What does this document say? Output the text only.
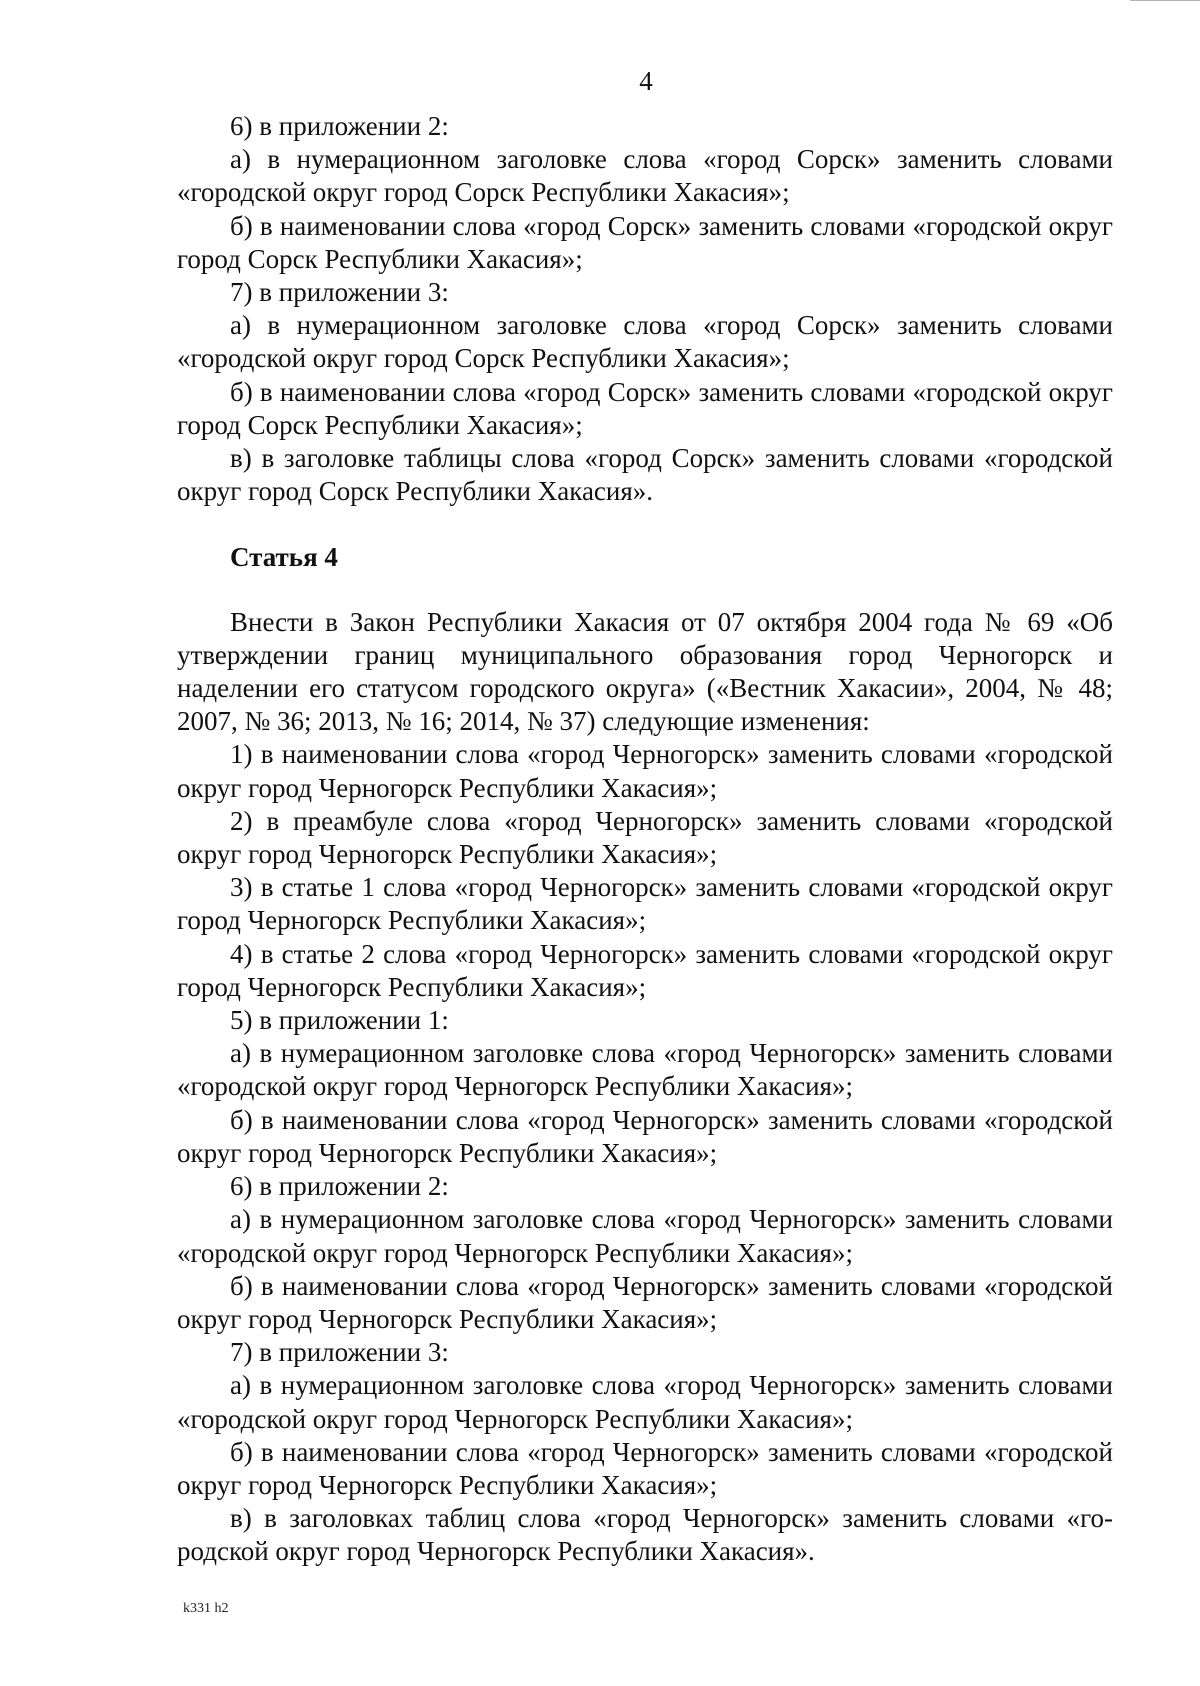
4

6) в приложении 2:

а) в нумерационном заголовке слова «город Сорск» заменить словами «городской округ город Сорск Республики Хакасия»;

б) в наименовании слова «город Сорск» заменить словами «городской округ город Сорск Республики Хакасия»;

7) в приложении 3:

а) в нумерационном заголовке слова «город Сорск» заменить словами «городской округ город Сорск Республики Хакасия»;

б) в наименовании слова «город Сорск» заменить словами «городской округ город Сорск Республики Хакасия»;

в) в заголовке таблицы слова «город Сорск» заменить словами «городской округ город Сорск Республики Хакасия».

Статья 4

Внести в Закон Республики Хакасия от 07 октября 2004 года № 69 «Об утверждении границ муниципального образования город Черногорск и наделении его статусом городского округа» («Вестник Хакасии», 2004, № 48; 2007, № 36; 2013, № 16; 2014, № 37) следующие изменения:

1) в наименовании слова «город Черногорск» заменить словами «городской округ город Черногорск Республики Хакасия»;

2) в преамбуле слова «город Черногорск» заменить словами «городской округ город Черногорск Республики Хакасия»;

3) в статье 1 слова «город Черногорск» заменить словами «городской округ город Черногорск Республики Хакасия»;

4) в статье 2 слова «город Черногорск» заменить словами «городской округ город Черногорск Республики Хакасия»;

5) в приложении 1:

а) в нумерационном заголовке слова «город Черногорск» заменить словами «городской округ город Черногорск Республики Хакасия»;

б) в наименовании слова «город Черногорск» заменить словами «городской округ город Черногорск Республики Хакасия»;

6) в приложении 2:

а) в нумерационном заголовке слова «город Черногорск» заменить словами «городской округ город Черногорск Республики Хакасия»;

б) в наименовании слова «город Черногорск» заменить словами «городской округ город Черногорск Республики Хакасия»;

7) в приложении 3:

а) в нумерационном заголовке слова «город Черногорск» заменить словами «городской округ город Черногорск Республики Хакасия»;

б) в наименовании слова «город Черногорск» заменить словами «городской округ город Черногорск Республики Хакасия»;

в) в заголовках таблиц слова «город Черногорск» заменить словами «городской округ город Черногорск Республики Хакасия».

k331 h2
